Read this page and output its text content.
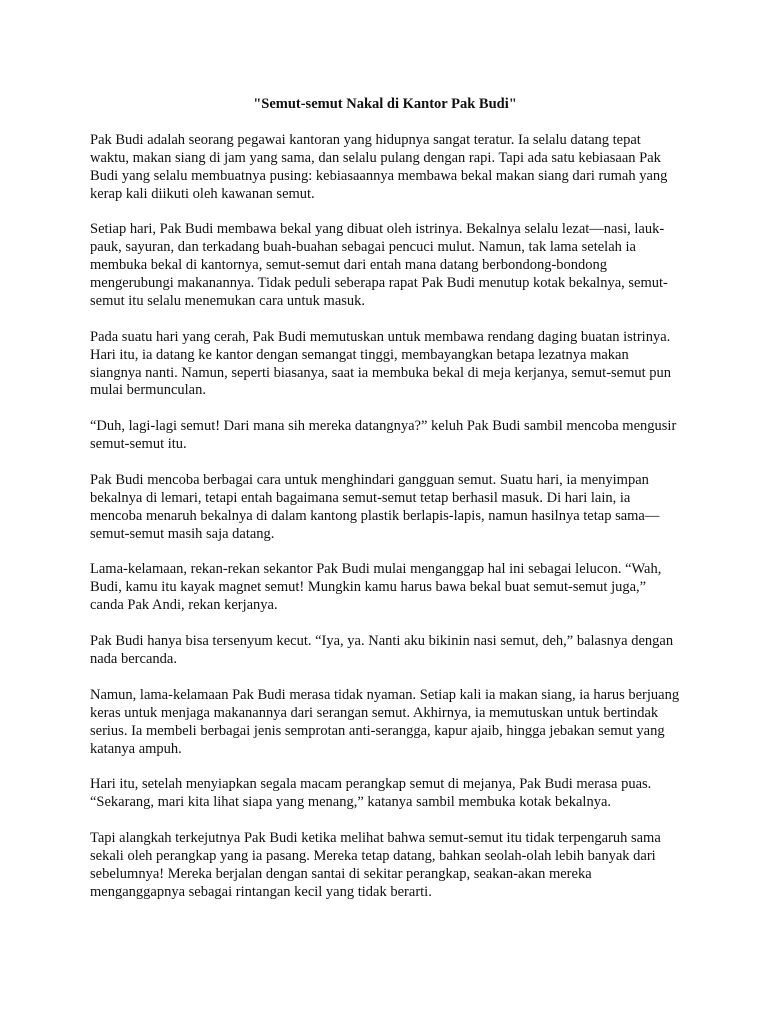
"Semut-semut Nakal di Kantor Pak Budi"

Pak Budi adalah seorang pegawai kantoran yang hidupnya sangat teratur. Ia selalu datang tepat waktu, makan siang di jam yang sama, dan selalu pulang dengan rapi. Tapi ada satu kebiasaan Pak Budi yang selalu membuatnya pusing: kebiasaannya membawa bekal makan siang dari rumah yang kerap kali diikuti oleh kawanan semut.

Setiap hari, Pak Budi membawa bekal yang dibuat oleh istrinya. Bekalnya selalu lezat—nasi, lauk-pauk, sayuran, dan terkadang buah-buahan sebagai pencuci mulut. Namun, tak lama setelah ia membuka bekal di kantornya, semut-semut dari entah mana datang berbondong-bondong mengerubungi makanannya. Tidak peduli seberapa rapat Pak Budi menutup kotak bekalnya, semut-semut itu selalu menemukan cara untuk masuk.

Pada suatu hari yang cerah, Pak Budi memutuskan untuk membawa rendang daging buatan istrinya. Hari itu, ia datang ke kantor dengan semangat tinggi, membayangkan betapa lezatnya makan siangnya nanti. Namun, seperti biasanya, saat ia membuka bekal di meja kerjanya, semut-semut pun mulai bermunculan.

“Duh, lagi-lagi semut! Dari mana sih mereka datangnya?” keluh Pak Budi sambil mencoba mengusir semut-semut itu.

Pak Budi mencoba berbagai cara untuk menghindari gangguan semut. Suatu hari, ia menyimpan bekalnya di lemari, tetapi entah bagaimana semut-semut tetap berhasil masuk. Di hari lain, ia mencoba menaruh bekalnya di dalam kantong plastik berlapis-lapis, namun hasilnya tetap sama—semut-semut masih saja datang.

Lama-kelamaan, rekan-rekan sekantor Pak Budi mulai menganggap hal ini sebagai lelucon. “Wah, Budi, kamu itu kayak magnet semut! Mungkin kamu harus bawa bekal buat semut-semut juga,” canda Pak Andi, rekan kerjanya.

Pak Budi hanya bisa tersenyum kecut. “Iya, ya. Nanti aku bikinin nasi semut, deh,” balasnya dengan nada bercanda.

Namun, lama-kelamaan Pak Budi merasa tidak nyaman. Setiap kali ia makan siang, ia harus berjuang keras untuk menjaga makanannya dari serangan semut. Akhirnya, ia memutuskan untuk bertindak serius. Ia membeli berbagai jenis semprotan anti-serangga, kapur ajaib, hingga jebakan semut yang katanya ampuh.

Hari itu, setelah menyiapkan segala macam perangkap semut di mejanya, Pak Budi merasa puas. “Sekarang, mari kita lihat siapa yang menang,” katanya sambil membuka kotak bekalnya.

Tapi alangkah terkejutnya Pak Budi ketika melihat bahwa semut-semut itu tidak terpengaruh sama sekali oleh perangkap yang ia pasang. Mereka tetap datang, bahkan seolah-olah lebih banyak dari sebelumnya! Mereka berjalan dengan santai di sekitar perangkap, seakan-akan mereka menganggapnya sebagai rintangan kecil yang tidak berarti.
